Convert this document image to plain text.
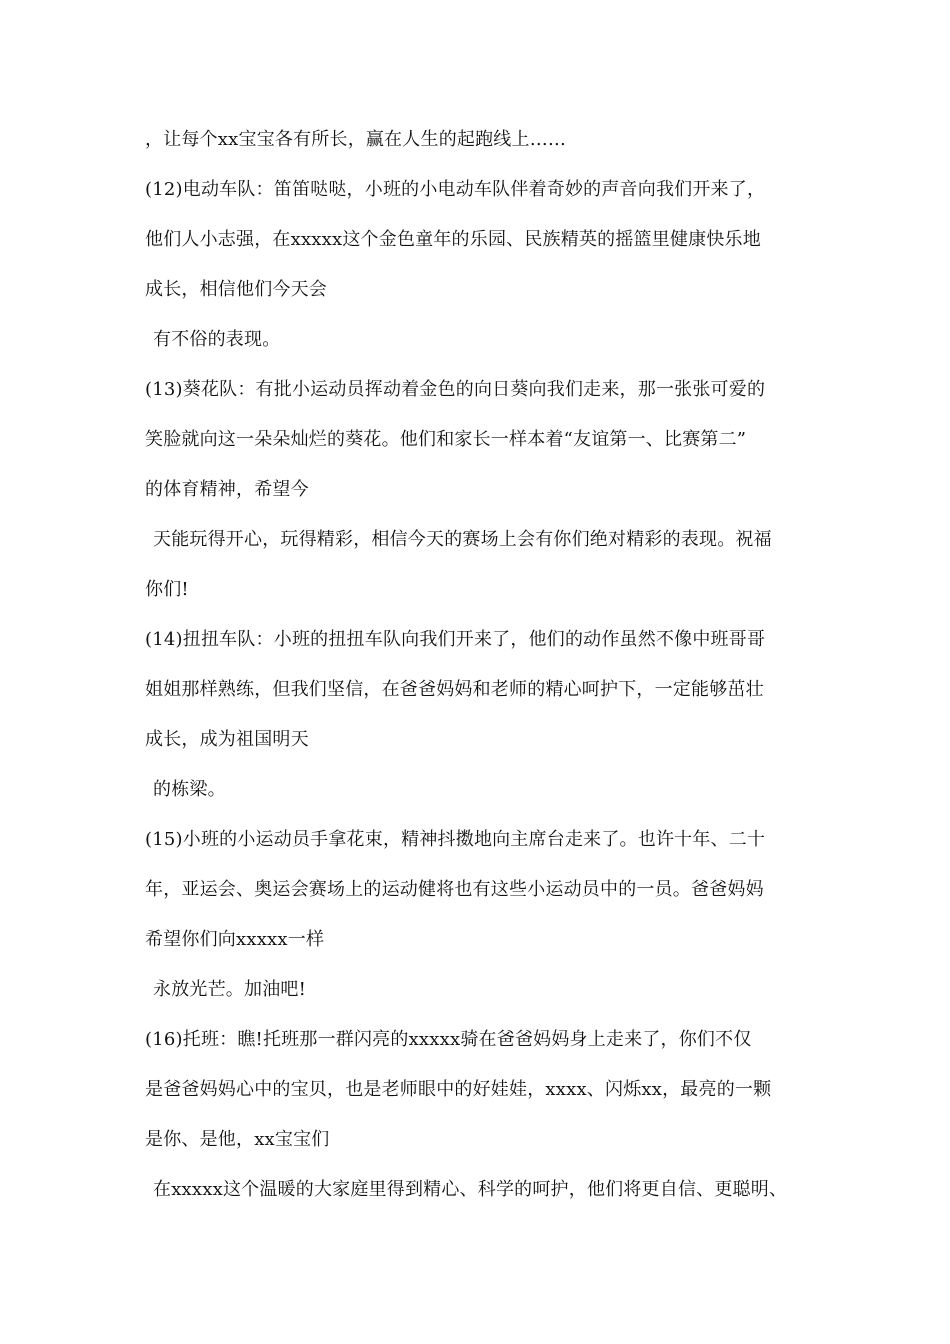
，让每个xx宝宝各有所长，赢在人生的起跑线上……
(12)电动车队：笛笛哒哒，小班的小电动车队伴着奇妙的声音向我们开来了，
他们人小志强，在xxxxx这个金色童年的乐园、民族精英的摇篮里健康快乐地
成长，相信他们今天会
有不俗的表现。
(13)葵花队：有批小运动员挥动着金色的向日葵向我们走来，那一张张可爱的
笑脸就向这一朵朵灿烂的葵花。他们和家长一样本着“友谊第一、比赛第二”
的体育精神，希望今
天能玩得开心，玩得精彩，相信今天的赛场上会有你们绝对精彩的表现。祝福
你们!
(14)扭扭车队：小班的扭扭车队向我们开来了，他们的动作虽然不像中班哥哥
姐姐那样熟练，但我们坚信，在爸爸妈妈和老师的精心呵护下，一定能够茁壮
成长，成为祖国明天
的栋梁。
(15)小班的小运动员手拿花束，精神抖擞地向主席台走来了。也许十年、二十
年，亚运会、奥运会赛场上的运动健将也有这些小运动员中的一员。爸爸妈妈
希望你们向xxxxx一样
永放光芒。加油吧!
(16)托班：瞧!托班那一群闪亮的xxxxx骑在爸爸妈妈身上走来了，你们不仅
是爸爸妈妈心中的宝贝，也是老师眼中的好娃娃，xxxx、闪烁xx，最亮的一颗
是你、是他，xx宝宝们
在xxxxx这个温暖的大家庭里得到精心、科学的呵护，他们将更自信、更聪明、
